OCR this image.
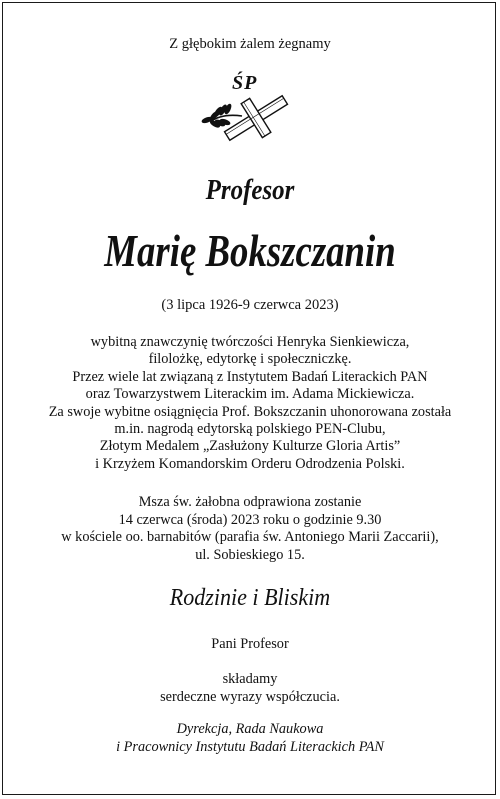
Z głębokim żalem żegnamy
ŚP
Profesor
Marię Bokszczanin
(3 lipca 1926-9 czerwca 2023)
wybitną znawczynię twórczości Henryka Sienkiewicza,
filolożkę, edytorkę i społeczniczkę.
Przez wiele lat związaną z Instytutem Badań Literackich PAN
oraz Towarzystwem Literackim im. Adama Mickiewicza.
Za swoje wybitne osiągnięcia Prof. Bokszczanin uhonorowana została
m.in. nagrodą edytorską polskiego PEN-Clubu,
Złotym Medalem „Zasłużony Kulturze Gloria Artis”
i Krzyżem Komandorskim Orderu Odrodzenia Polski.
Msza św. żałobna odprawiona zostanie
14 czerwca (środa) 2023 roku o godzinie 9.30
w kościele oo. barnabitów (parafia św. Antoniego Marii Zaccarii),
ul. Sobieskiego 15.
Rodzinie i Bliskim
Pani Profesor
składamy
serdeczne wyrazy współczucia.
Dyrekcja, Rada Naukowa
i Pracownicy Instytutu Badań Literackich PAN
